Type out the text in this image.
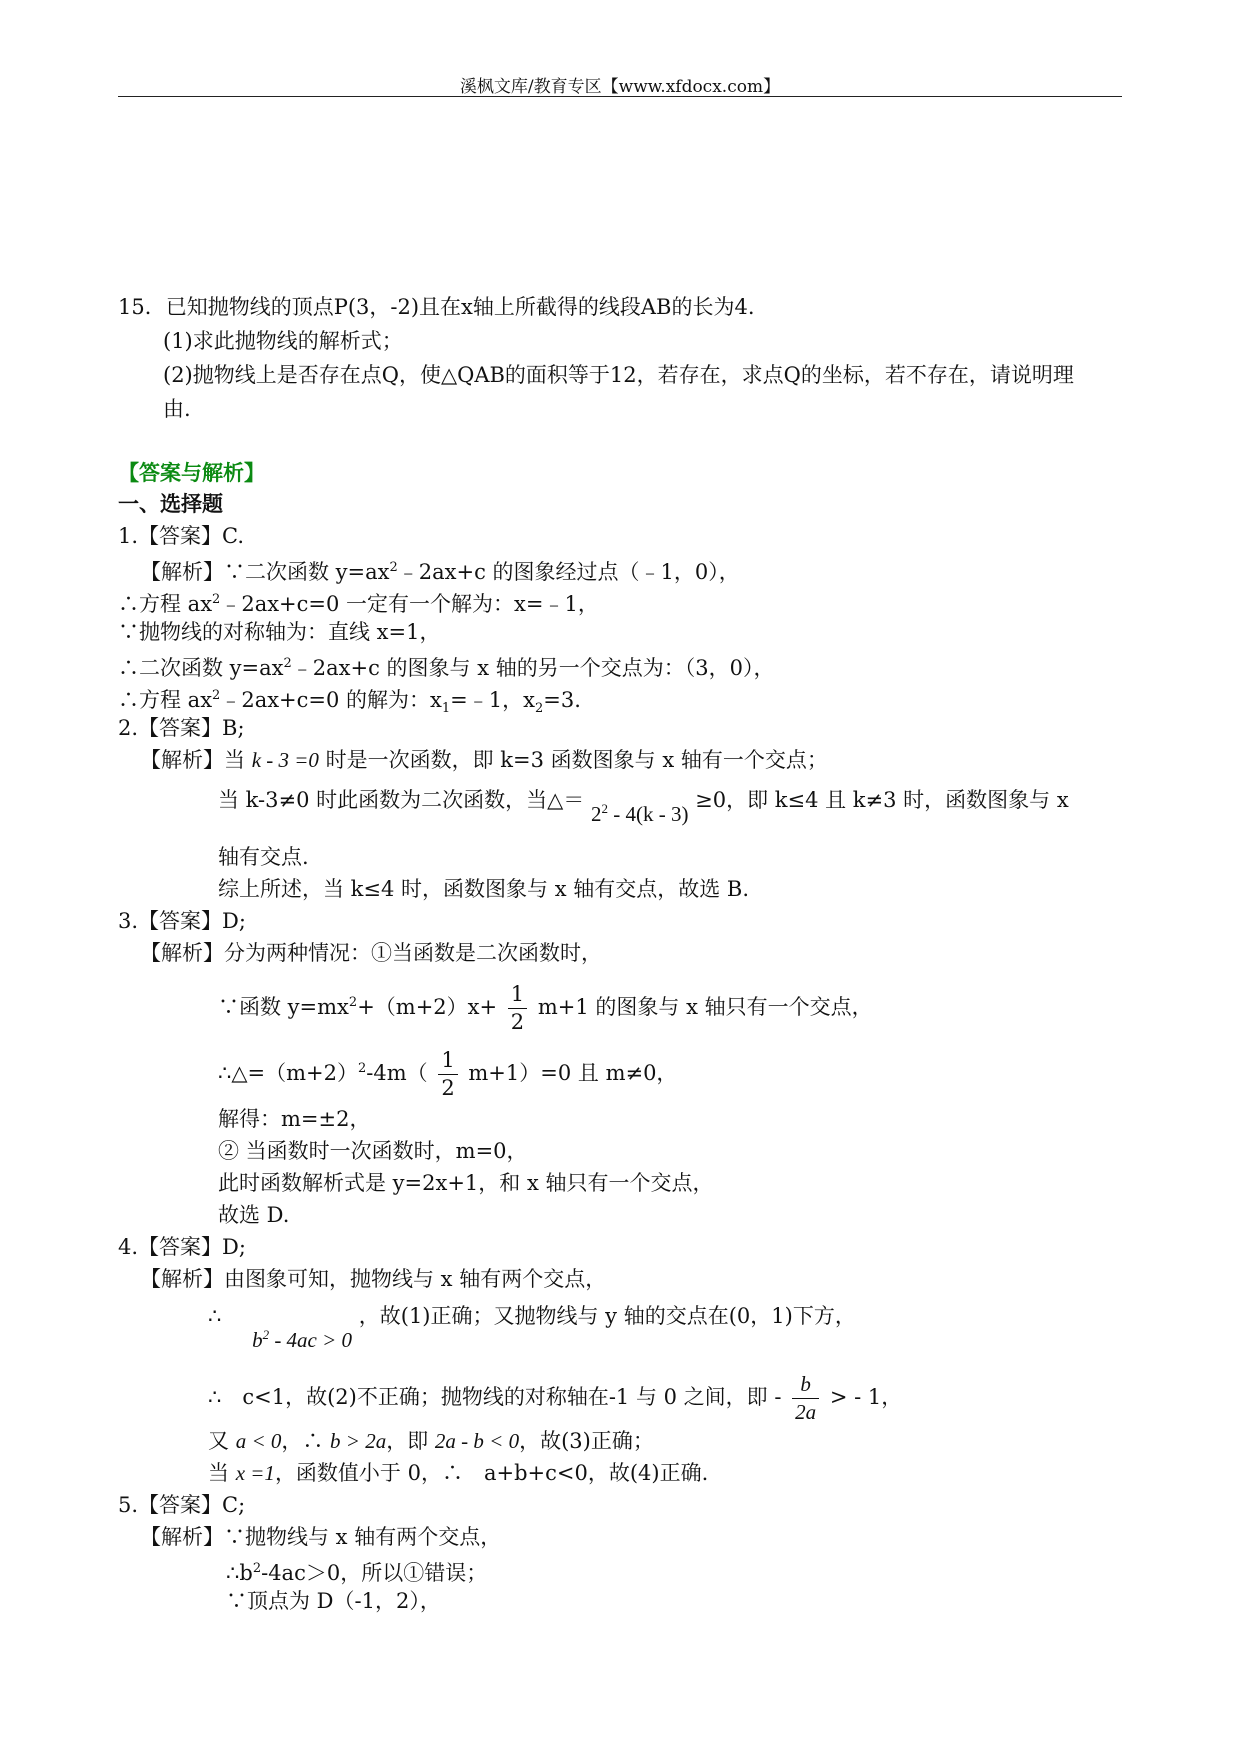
溪枫文库/教育专区【www.xfdocx.com】
15．已知抛物线的顶点P(3，-2)且在x轴上所截得的线段AB的长为4.
(1)求此抛物线的解析式；
(2)抛物线上是否存在点Q，使△QAB的面积等于12，若存在，求点Q的坐标，若不存在，请说明理
由.
【答案与解析】
一、选择题
1.【答案】C.
【解析】∵二次函数 $y=ax^2﹣2ax+c$ 的图象经过点（﹣1，0），
∴方程 $ax^2﹣2ax+c=0$ 一定有一个解为：x=﹣1，
∵抛物线的对称轴为：直线 x=1，
∴二次函数 $y=ax^2﹣2ax+c$ 的图象与 x 轴的另一个交点为：（3，0），
∴方程 $ax^2﹣2ax+c=0$ 的解为：$x_1=﹣1$，$x_2=3$.
2.【答案】B;
【解析】当 k - 3 =0 时是一次函数，即 k=3 函数图象与 x 轴有一个交点；
当 k-3≠0 时此函数为二次函数，当△＝ $2^2 - 4(k - 3) \ge 0$，即 k≤4 且 k≠3 时，函数图象与 x
轴有交点.
综上所述，当 k≤4 时，函数图象与 x 轴有交点，故选 B.
3.【答案】D;
【解析】分为两种情况：①当函数是二次函数时，
∵函数 $y=mx^2+(m+2)x+ \frac{1}{2} m+1$ 的图象与 x 轴只有一个交点，
$\therefore\triangle=(m+2)^2-4m( \frac{1}{2} m+1)=0$ 且 m≠0，
解得：m=±2，
② 当函数时一次函数时，m=0，
此时函数解析式是 y=2x+1，和 x 轴只有一个交点，
故选 D.
4.【答案】D;
【解析】由图象可知，抛物线与 x 轴有两个交点，
∴ $b^2 - 4ac > 0$ ，故(1)正确；又抛物线与 y 轴的交点在(0，1)下方，
∴　c<1，故(2)不正确；抛物线的对称轴在-1 与 0 之间，即 - $\frac{b}{2a}$ > - 1，
又 a < 0，∴ b > 2a，即 2a - b < 0，故(3)正确；
当 x =1，函数值小于 0，∴　a+b+c<0，故(4)正确.
5.【答案】C;
【解析】∵抛物线与 x 轴有两个交点，
$\therefore b^2-4ac>0$，所以①错误；
∵顶点为 D（-1，2），
